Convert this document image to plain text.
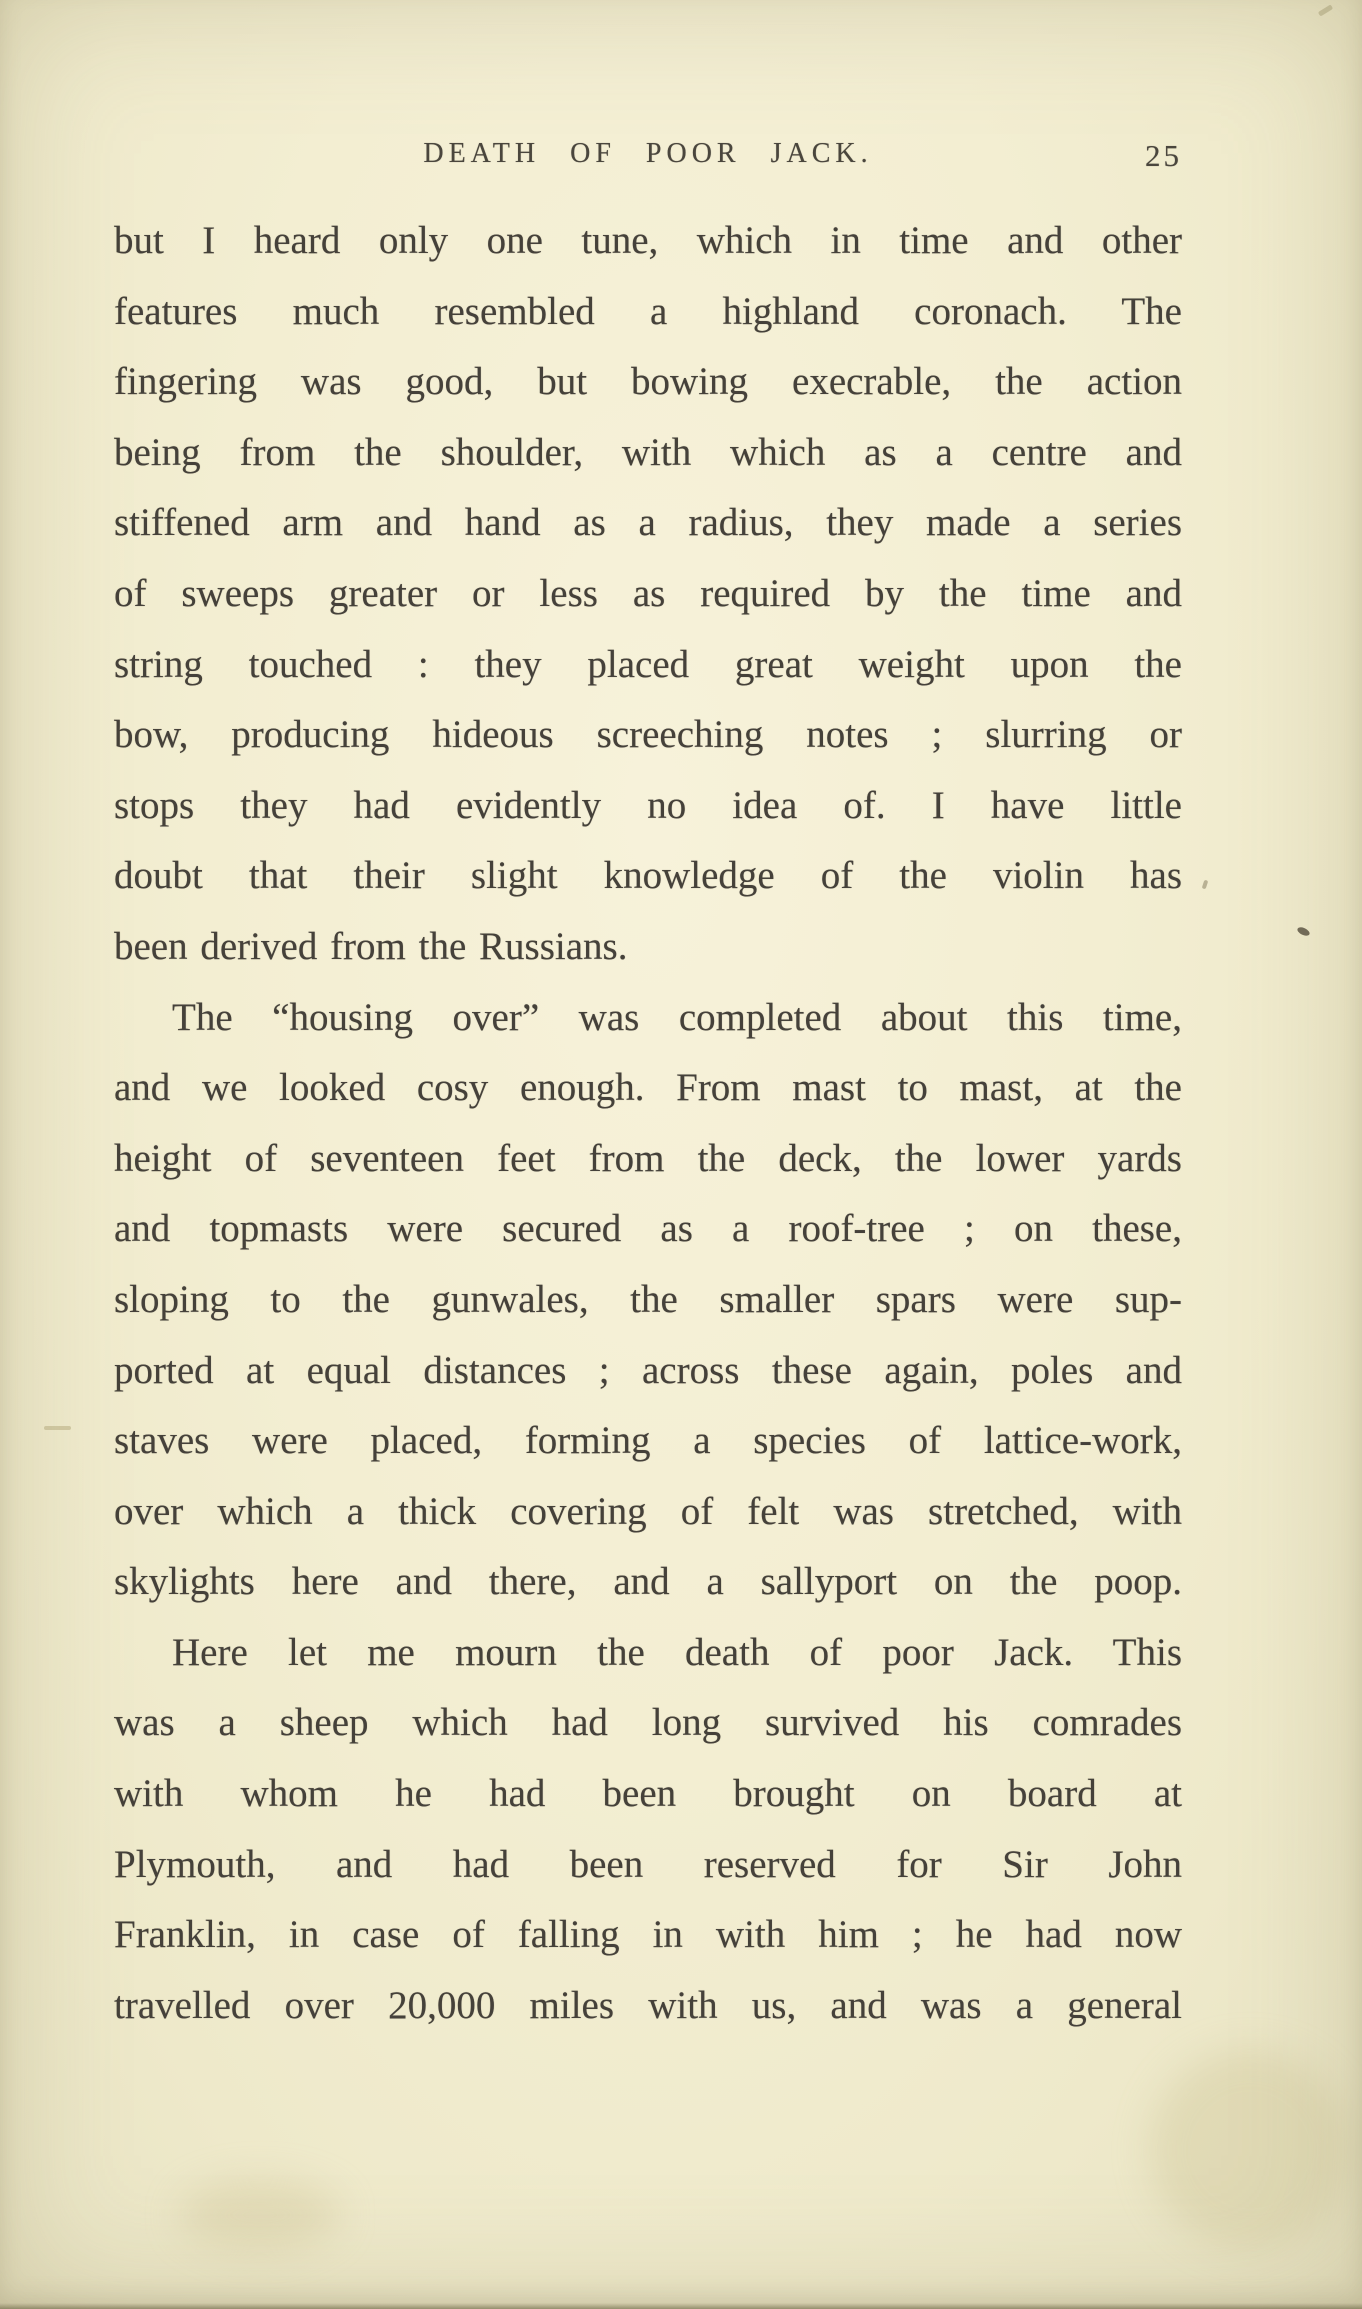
DEATH OF POOR JACK.	25
but I heard only one tune, which in time and other
features much resembled a highland coronach. The
fingering was good, but bowing execrable, the action
being from the shoulder, with which as a centre and
stiffened arm and hand as a radius, they made a series
of sweeps greater or less as required by the time and
string touched : they placed great weight upon the
bow, producing hideous screeching notes ; slurring or
stops they had evidently no idea of. I have little
doubt that their slight knowledge of the violin has
been derived from the Russians.
The “housing over” was completed about this time,
and we looked cosy enough. From mast to mast, at the
height of seventeen feet from the deck, the lower yards
and topmasts were secured as a roof-tree ; on these,
sloping to the gunwales, the smaller spars were sup-
ported at equal distances ; across these again, poles and
staves were placed, forming a species of lattice-work,
over which a thick covering of felt was stretched, with
skylights here and there, and a sallyport on the poop.
Here let me mourn the death of poor Jack. This
was a sheep which had long survived his comrades
with whom he had been brought on board at
Plymouth, and had been reserved for Sir John
Franklin, in case of falling in with him ; he had now
travelled over 20,000 miles with us, and was a general
